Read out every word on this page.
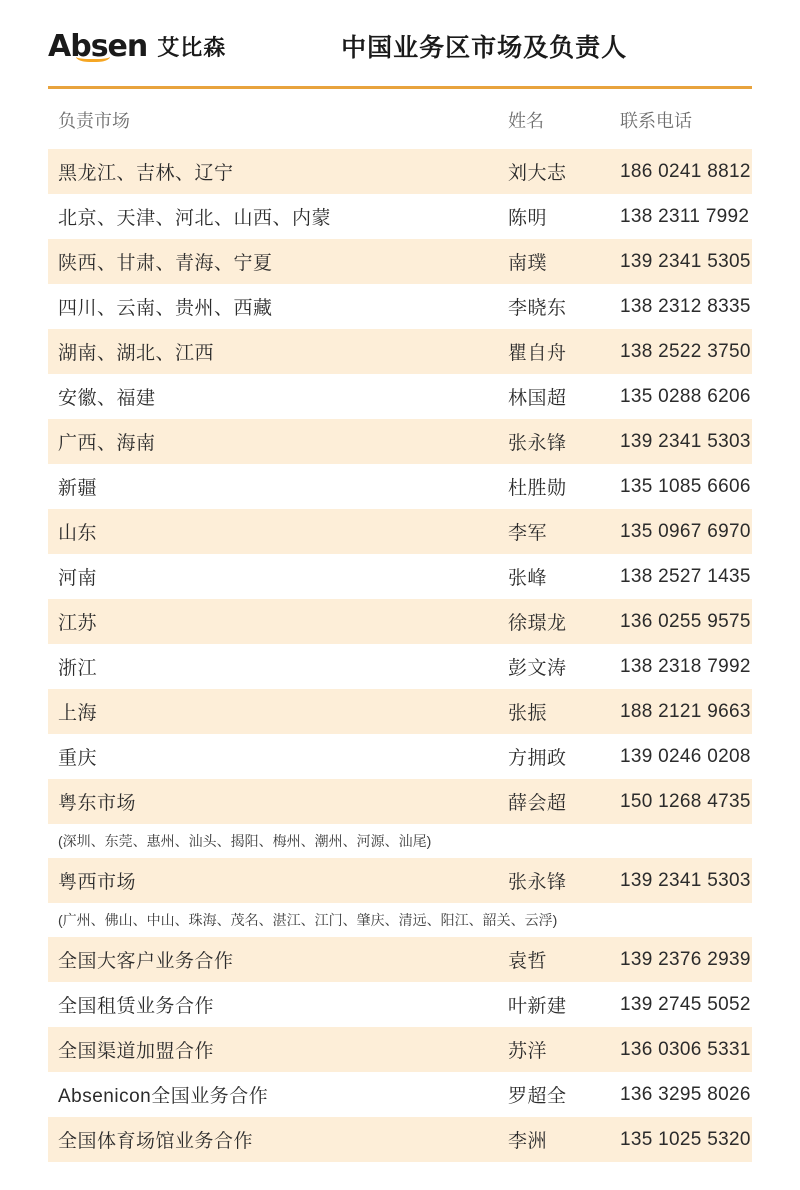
Absen 艾比森	中国业务区市场及负责人
负责市场	姓名	联系电话
黑龙江、吉林、辽宁	刘大志	186 0241 8812
北京、天津、河北、山西、内蒙	陈明	138 2311 7992
陕西、甘肃、青海、宁夏	南璞	139 2341 5305
四川、云南、贵州、西藏	李晓东	138 2312 8335
湖南、湖北、江西	瞿自舟	138 2522 3750
安徽、福建	林国超	135 0288 6206
广西、海南	张永锋	139 2341 5303
新疆	杜胜勋	135 1085 6606
山东	李军	135 0967 6970
河南	张峰	138 2527 1435
江苏	徐璟龙	136 0255 9575
浙江	彭文涛	138 2318 7992
上海	张振	188 2121 9663
重庆	方拥政	139 0246 0208
粤东市场	薛会超	150 1268 4735
(深圳、东莞、惠州、汕头、揭阳、梅州、潮州、河源、汕尾)		
粤西市场	张永锋	139 2341 5303
(广州、佛山、中山、珠海、茂名、湛江、江门、肇庆、清远、阳江、韶关、云浮)		
全国大客户业务合作	袁哲	139 2376 2939
全国租赁业务合作	叶新建	139 2745 5052
全国渠道加盟合作	苏洋	136 0306 5331
Absenicon全国业务合作	罗超全	136 3295 8026
全国体育场馆业务合作	李洲	135 1025 5320
